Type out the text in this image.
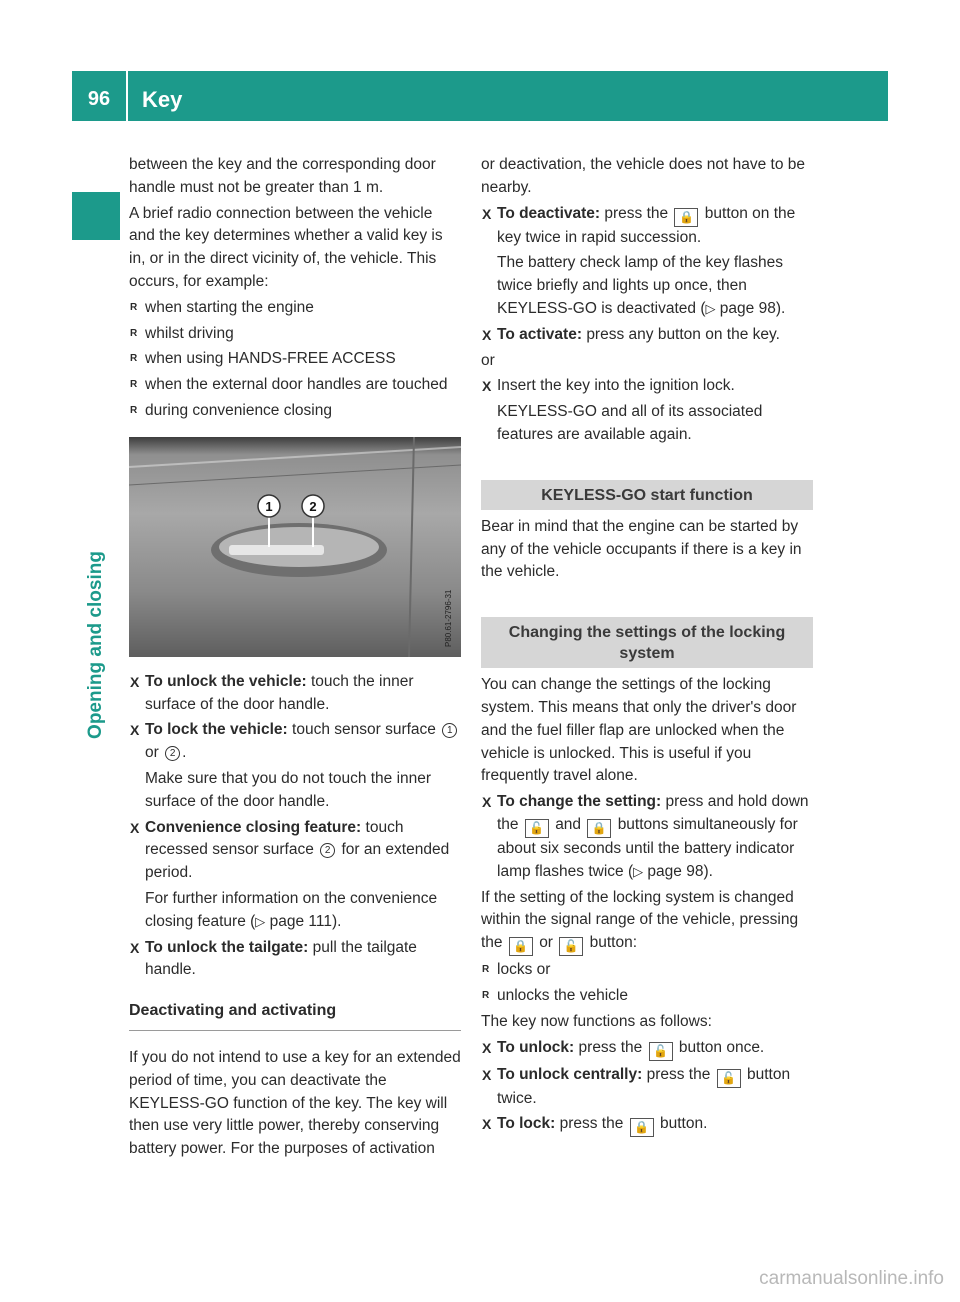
96	Key
Opening and closing

between the key and the corresponding door handle must not be greater than 1 m.

A brief radio connection between the vehicle and the key determines whether a valid key is in, or in the direct vicinity of, the vehicle. This occurs, for example:

R when starting the engine
R whilst driving
R when using HANDS-FREE ACCESS
R when the external door handles are touched
R during convenience closing
1	2
P80.61-2796-31
X To unlock the vehicle: touch the inner surface of the door handle.
X To lock the vehicle: touch sensor surface 1 or 2 .
Make sure that you do not touch the inner surface of the door handle.
X Convenience closing feature: touch recessed sensor surface 2 for an extended period.
For further information on the convenience closing feature (▷ page 111).
X To unlock the tailgate: pull the tailgate handle.
Deactivating and activating

If you do not intend to use a key for an extended period of time, you can deactivate the KEYLESS-GO function of the key. The key will then use very little power, thereby conserving battery power. For the purposes of activation

or deactivation, the vehicle does not have to be nearby.

X To deactivate: press the 🔒 button on the key twice in rapid succession.
The battery check lamp of the key flashes twice briefly and lights up once, then KEYLESS-GO is deactivated (▷ page 98).
X To activate: press any button on the key.

or

X Insert the key into the ignition lock.
KEYLESS-GO and all of its associated features are available again.
KEYLESS-GO start function

Bear in mind that the engine can be started by any of the vehicle occupants if there is a key in the vehicle.

Changing the settings of the locking system

You can change the settings of the locking system. This means that only the driver's door and the fuel filler flap are unlocked when the vehicle is unlocked. This is useful if you frequently travel alone.

X To change the setting: press and hold down the 🔓 and 🔒 buttons simultaneously for about six seconds until the battery indicator lamp flashes twice (▷ page 98).

If the setting of the locking system is changed within the signal range of the vehicle, pressing the 🔒 or 🔓 button:

R locks or
R unlocks the vehicle

The key now functions as follows:

X To unlock: press the 🔓 button once.
X To unlock centrally: press the 🔓 button twice.
X To lock: press the 🔒 button.
carmanualsonline.info
